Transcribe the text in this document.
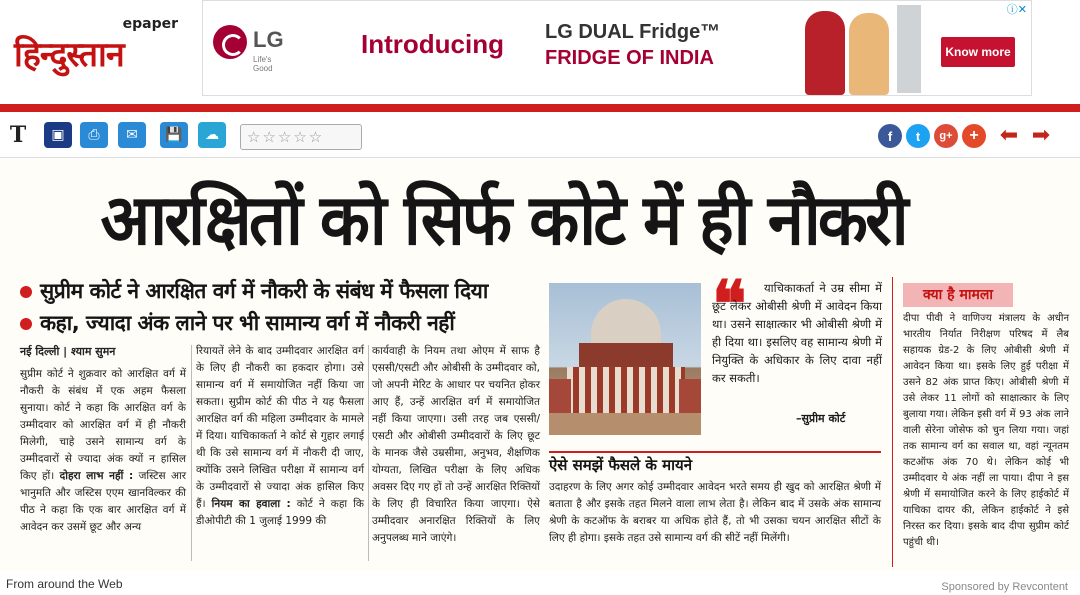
epaper
हिन्दुस्तान	LG
Life's Good
Introducing LG DUAL Fridge™
FRIDGE OF INDIA	Know more
ⓘ✕
T	▣	⎙	✉	💾	☁	☆☆☆☆☆	f	t	g+	+ ⬅ ➡
आरक्षितों को सिर्फ कोटे में ही नौकरी
सुप्रीम कोर्ट ने आरक्षित वर्ग में नौकरी के संबंध में फैसला दिया
कहा, ज्यादा अंक लाने पर भी सामान्य वर्ग में नौकरी नहीं
नई दिल्ली | श्याम सुमन
सुप्रीम कोर्ट ने शुक्रवार को आरक्षित वर्ग में नौकरी के संबंध में एक अहम फैसला सुनाया। कोर्ट ने कहा कि आरक्षित वर्ग के उम्मीदवार को आरक्षित वर्ग में ही नौकरी मिलेगी, चाहे उसने सामान्य वर्ग के उम्मीदवारों से ज्यादा अंक क्यों न हासिल किए हों। दोहरा लाभ नहीं : जस्टिस आर भानुमति और जस्टिस एएम खानविल्कर की पीठ ने कहा कि एक बार आरक्षित वर्ग में आवेदन कर उसमें छूट और अन्य
रियायतें लेने के बाद उम्मीदवार आरक्षित वर्ग के लिए ही नौकरी का हकदार होगा। उसे सामान्य वर्ग में समायोजित नहीं किया जा सकता। सुप्रीम कोर्ट की पीठ ने यह फैसला आरक्षित वर्ग की महिला उम्मीदवार के मामले में दिया। याचिकाकर्ता ने कोर्ट से गुहार लगाई थी कि उसे सामान्य वर्ग में नौकरी दी जाए, क्योंकि उसने लिखित परीक्षा में सामान्य वर्ग के उम्मीदवारों से ज्यादा अंक हासिल किए हैं। नियम का हवाला : कोर्ट ने कहा कि डीओपीटी की 1 जुलाई 1999 की
कार्यवाही के नियम तथा ओएम में साफ है एससी/एसटी और ओबीसी के उम्मीदवार को, जो अपनी मेरिट के आधार पर चयनित होकर आए हैं, उन्हें आरक्षित वर्ग में समायोजित नहीं किया जाएगा। उसी तरह जब एससी/एसटी और ओबीसी उम्मीदवारों के लिए छूट के मानक जैसे उम्रसीमा, अनुभव, शैक्षणिक योग्यता, लिखित परीक्षा के लिए अधिक अवसर दिए गए हों तो उन्हें आरक्षित रिक्तियों के लिए ही विचारित किया जाएगा। ऐसे उम्मीदवार अनारक्षित रिक्तियों के लिए अनुपलब्ध माने जाएंगे।
❝	याचिकाकर्ता ने उम्र सीमा में छूट लेकर ओबीसी श्रेणी में आवेदन किया था। उसने साक्षात्कार भी ओबीसी श्रेणी में ही दिया था। इसलिए वह सामान्य श्रेणी में नियुक्ति के अधिकार के लिए दावा नहीं कर सकती।
–सुप्रीम कोर्ट
ऐसे समझें फैसले के मायने
उदाहरण के लिए अगर कोई उम्मीदवार आवेदन भरते समय ही खुद को आरक्षित श्रेणी में बताता है और इसके तहत मिलने वाला लाभ लेता है। लेकिन बाद में उसके अंक सामान्य श्रेणी के कटऑफ के बराबर या अधिक होते हैं, तो भी उसका चयन आरक्षित सीटों के लिए ही होगा। इसके तहत उसे सामान्य वर्ग की सीटें नहीं मिलेंगी।
क्या है मामला
दीपा पीवी ने वाणिज्य मंत्रालय के अधीन भारतीय निर्यात निरीक्षण परिषद में लैब सहायक ग्रेड-2 के लिए ओबीसी श्रेणी में आवेदन किया था। इसके लिए हुई परीक्षा में उसने 82 अंक प्राप्त किए। ओबीसी श्रेणी में उसे लेकर 11 लोगों को साक्षात्कार के लिए बुलाया गया। लेकिन इसी वर्ग में 93 अंक लाने वाली सेरेना जोसेफ को चुन लिया गया। जहां तक सामान्य वर्ग का सवाल था, वहां न्यूनतम कटऑफ अंक 70 थे। लेकिन कोई भी उम्मीदवार ये अंक नहीं ला पाया। दीपा ने इस श्रेणी में समायोजित करने के लिए हाईकोर्ट में याचिका दायर की, लेकिन हाईकोर्ट ने इसे निरस्त कर दिया। इसके बाद दीपा सुप्रीम कोर्ट पहुंची थी।
From around the Web	Sponsored by Revcontent
